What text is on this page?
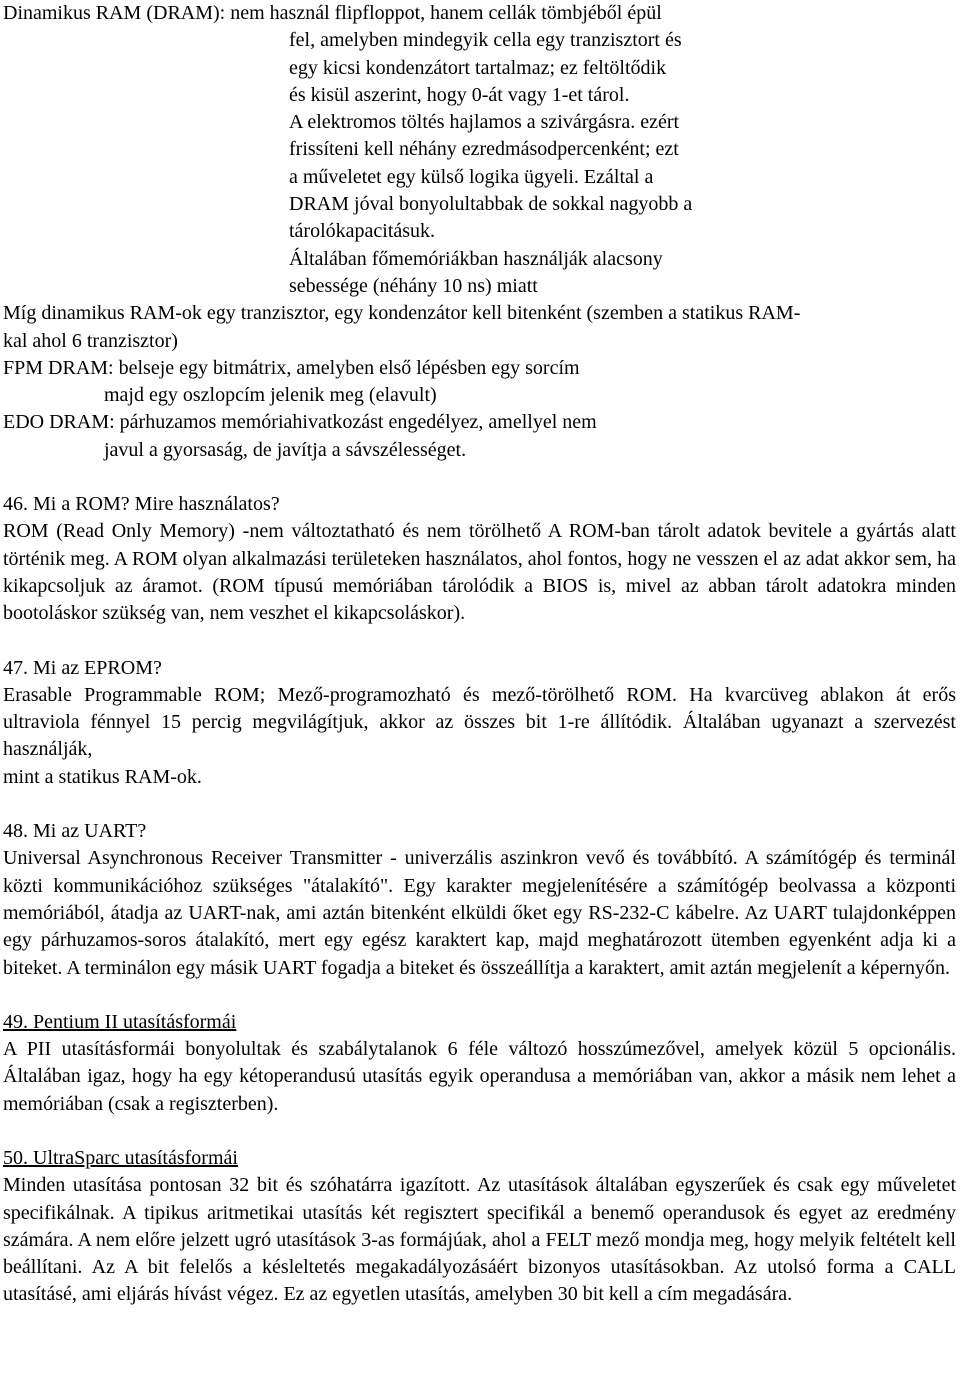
Dinamikus RAM (DRAM): nem használ flipfloppot, hanem cellák tömbjéből épül
fel, amelyben mindegyik cella egy tranzisztort és
egy kicsi kondenzátort tartalmaz; ez feltöltődik
és kisül aszerint, hogy 0-át vagy 1-et tárol.
A elektromos töltés hajlamos a szivárgásra. ezért
frissíteni kell néhány ezredmásodpercenként; ezt
a műveletet egy külső logika ügyeli. Ezáltal a
DRAM jóval bonyolultabbak de sokkal nagyobb a
tárolókapacitásuk.
Általában főmemóriákban használják alacsony
sebessége (néhány 10 ns) miatt
Míg dinamikus RAM-ok egy tranzisztor, egy kondenzátor kell bitenként (szemben a statikus RAM-
kal ahol 6 tranzisztor)
FPM DRAM: belseje egy bitmátrix, amelyben első lépésben egy sorcím
majd egy oszlopcím jelenik meg (elavult)
EDO DRAM: párhuzamos memóriahivatkozást engedélyez, amellyel nem
javul a gyorsaság, de javítja a sávszélességet.
46. Mi a ROM? Mire használatos?

ROM (Read Only Memory) -nem változtatható és nem törölhető A ROM-ban tárolt adatok bevitele a gyártás alatt történik meg. A ROM olyan alkalmazási területeken használatos, ahol fontos, hogy ne vesszen el az adat akkor sem, ha kikapcsoljuk az áramot. (ROM típusú memóriában tárolódik a BIOS is, mivel az abban tárolt adatokra minden bootoláskor szükség van, nem veszhet el kikapcsoláskor).

47. Mi az EPROM?

Erasable Programmable ROM; Mező-programozható és mező-törölhető ROM. Ha kvarcüveg ablakon át erős ultraviola fénnyel 15 percig megvilágítjuk, akkor az összes bit 1-re állítódik. Általában ugyanazt a szervezést használják,

mint a statikus RAM-ok.
48. Mi az UART?

Universal Asynchronous Receiver Transmitter - univerzális aszinkron vevő és továbbító. A számítógép és terminál közti kommunikációhoz szükséges "átalakító". Egy karakter megjelenítésére a számítógép beolvassa a központi memóriából, átadja az UART-nak, ami aztán bitenként elküldi őket egy RS-232-C kábelre. Az UART tulajdonképpen egy párhuzamos-soros átalakító, mert egy egész karaktert kap, majd meghatározott ütemben egyenként adja ki a biteket. A terminálon egy másik UART fogadja a biteket és összeállítja a karaktert, amit aztán megjelenít a képernyőn.

49. Pentium II utasításformái

A PII utasításformái bonyolultak és szabálytalanok 6 féle változó hosszúmezővel, amelyek közül 5 opcionális. Általában igaz, hogy ha egy kétoperandusú utasítás egyik operandusa a memóriában van, akkor a másik nem lehet a memóriában (csak a regiszterben).

50. UltraSparc utasításformái

Minden utasítása pontosan 32 bit és szóhatárra igazított. Az utasítások általában egyszerűek és csak egy műveletet specifikálnak. A tipikus aritmetikai utasítás két regisztert specifikál a benemő operandusok és egyet az eredmény számára. A nem előre jelzett ugró utasítások 3-as formájúak, ahol a FELT mező mondja meg, hogy melyik feltételt kell beállítani. Az A bit felelős a késleltetés megakadályozásáért bizonyos utasításokban. Az utolsó forma a CALL utasításé, ami eljárás hívást végez. Ez az egyetlen utasítás, amelyben 30 bit kell a cím megadására.
